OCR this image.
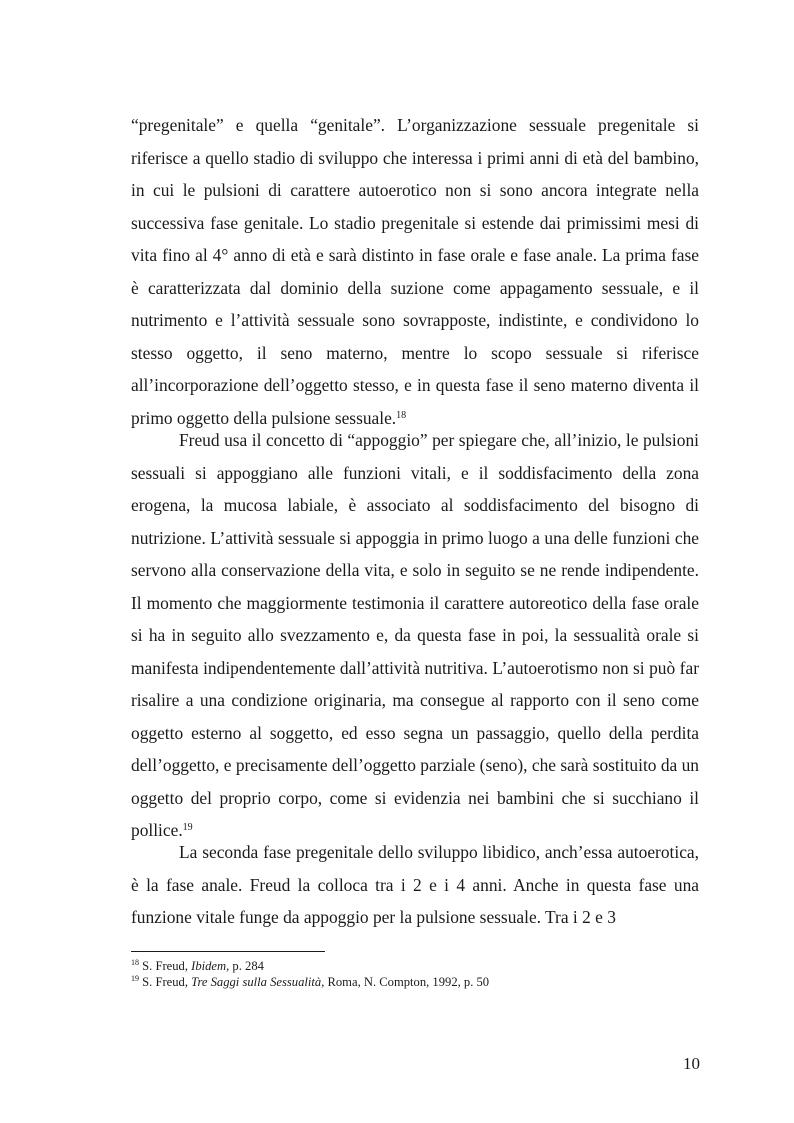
“pregenitale” e quella “genitale”. L’organizzazione sessuale pregenitale si riferisce a quello stadio di sviluppo che interessa i primi anni di età del bambino, in cui le pulsioni di carattere autoerotico non si sono ancora integrate nella successiva fase genitale. Lo stadio pregenitale si estende dai primissimi mesi di vita fino al 4° anno di età e sarà distinto in fase orale e fase anale. La prima fase è caratterizzata dal dominio della suzione come appagamento sessuale, e il nutrimento e l’attività sessuale sono sovrapposte, indistinte, e condividono lo stesso oggetto, il seno materno, mentre lo scopo sessuale si riferisce all’incorporazione dell’oggetto stesso, e in questa fase il seno materno diventa il primo oggetto della pulsione sessuale.$^{18}$

Freud usa il concetto di “appoggio” per spiegare che, all’inizio, le pulsioni sessuali si appoggiano alle funzioni vitali, e il soddisfacimento della zona erogena, la mucosa labiale, è associato al soddisfacimento del bisogno di nutrizione. L’attività sessuale si appoggia in primo luogo a una delle funzioni che servono alla conservazione della vita, e solo in seguito se ne rende indipendente. Il momento che maggiormente testimonia il carattere autoreotico della fase orale si ha in seguito allo svezzamento e, da questa fase in poi, la sessualità orale si manifesta indipendentemente dall’attività nutritiva. L’autoerotismo non si può far risalire a una condizione originaria, ma consegue al rapporto con il seno come oggetto esterno al soggetto, ed esso segna un passaggio, quello della perdita dell’oggetto, e precisamente dell’oggetto parziale (seno), che sarà sostituito da un oggetto del proprio corpo, come si evidenzia nei bambini che si succhiano il pollice.$^{19}$

La seconda fase pregenitale dello sviluppo libidico, anch’essa autoerotica, è la fase anale. Freud la colloca tra i 2 e i 4 anni. Anche in questa fase una funzione vitale funge da appoggio per la pulsione sessuale. Tra i 2 e 3

$^{18}$ S. Freud, Ibidem, p. 284
$^{19}$ S. Freud, Tre Saggi sulla Sessualità, Roma, N. Compton, 1992, p. 50
10
